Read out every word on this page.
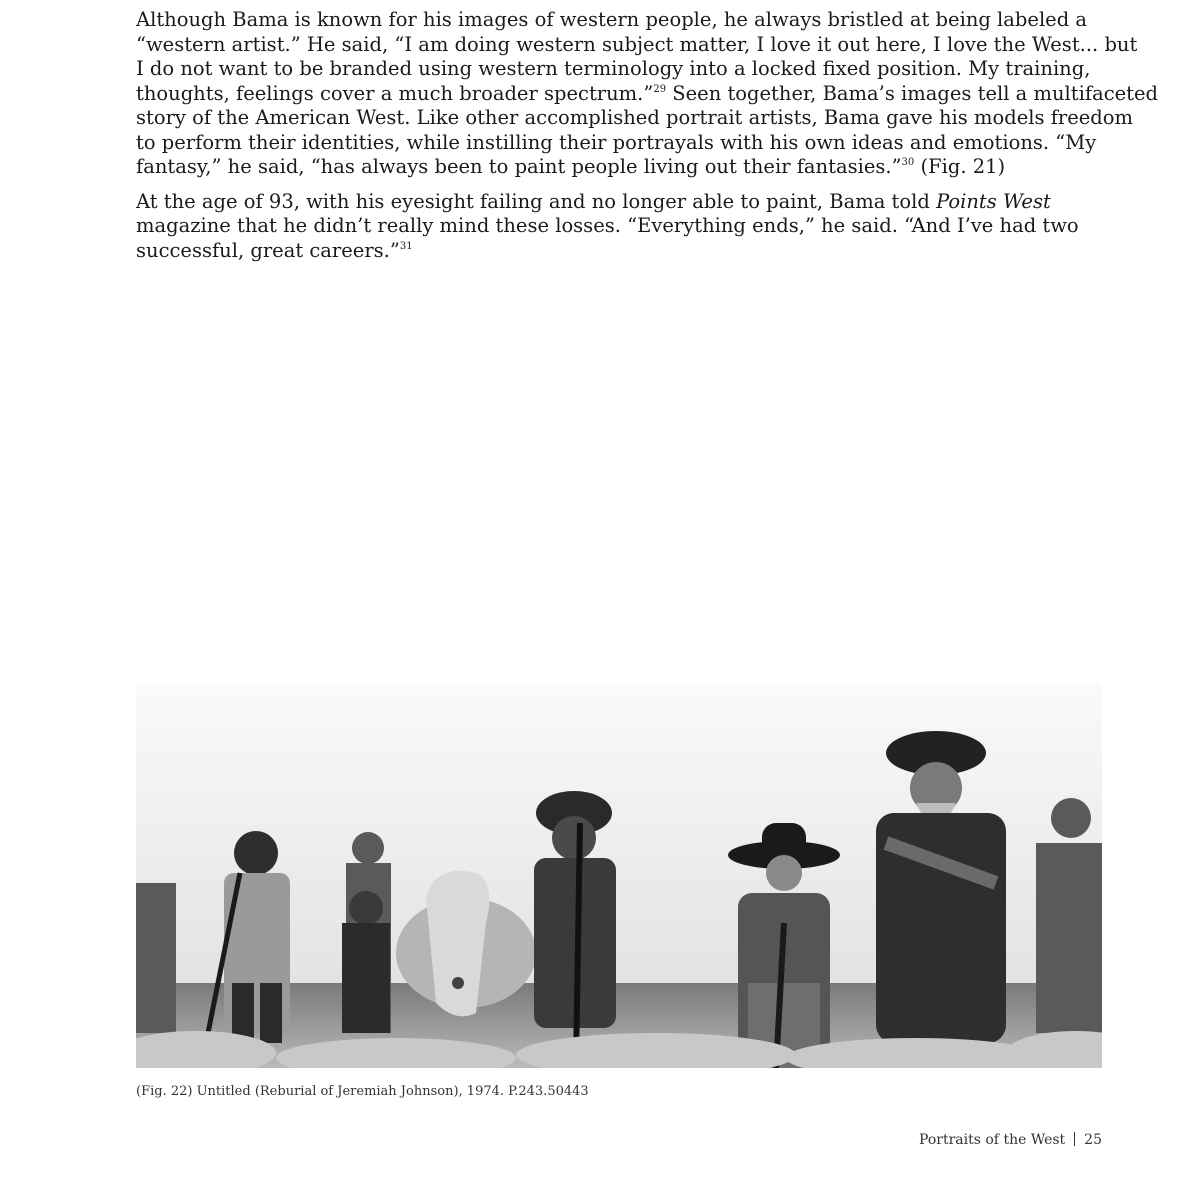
Although Bama is known for his images of western people, he always bristled at being labeled a
“western artist.” He said, “I am doing western subject matter, I love it out here, I love the West... but
I do not want to be branded using western terminology into a locked fixed position. My training,
thoughts, feelings cover a much broader spectrum.”$^{29}$ Seen together, Bama’s images tell a multifaceted
story of the American West. Like other accomplished portrait artists, Bama gave his models freedom
to perform their identities, while instilling their portrayals with his own ideas and emotions. “My
fantasy,” he said, “has always been to paint people living out their fantasies.”$^{30}$ (Fig. 21)

At the age of 93, with his eyesight failing and no longer able to paint, Bama told Points West
magazine that he didn’t really mind these losses. “Everything ends,” he said. “And I’ve had two
successful, great careers.”$^{31}$

(Fig. 22) Untitled (Reburial of Jeremiah Johnson), 1974. P.243.50443
Portraits of the West 25
